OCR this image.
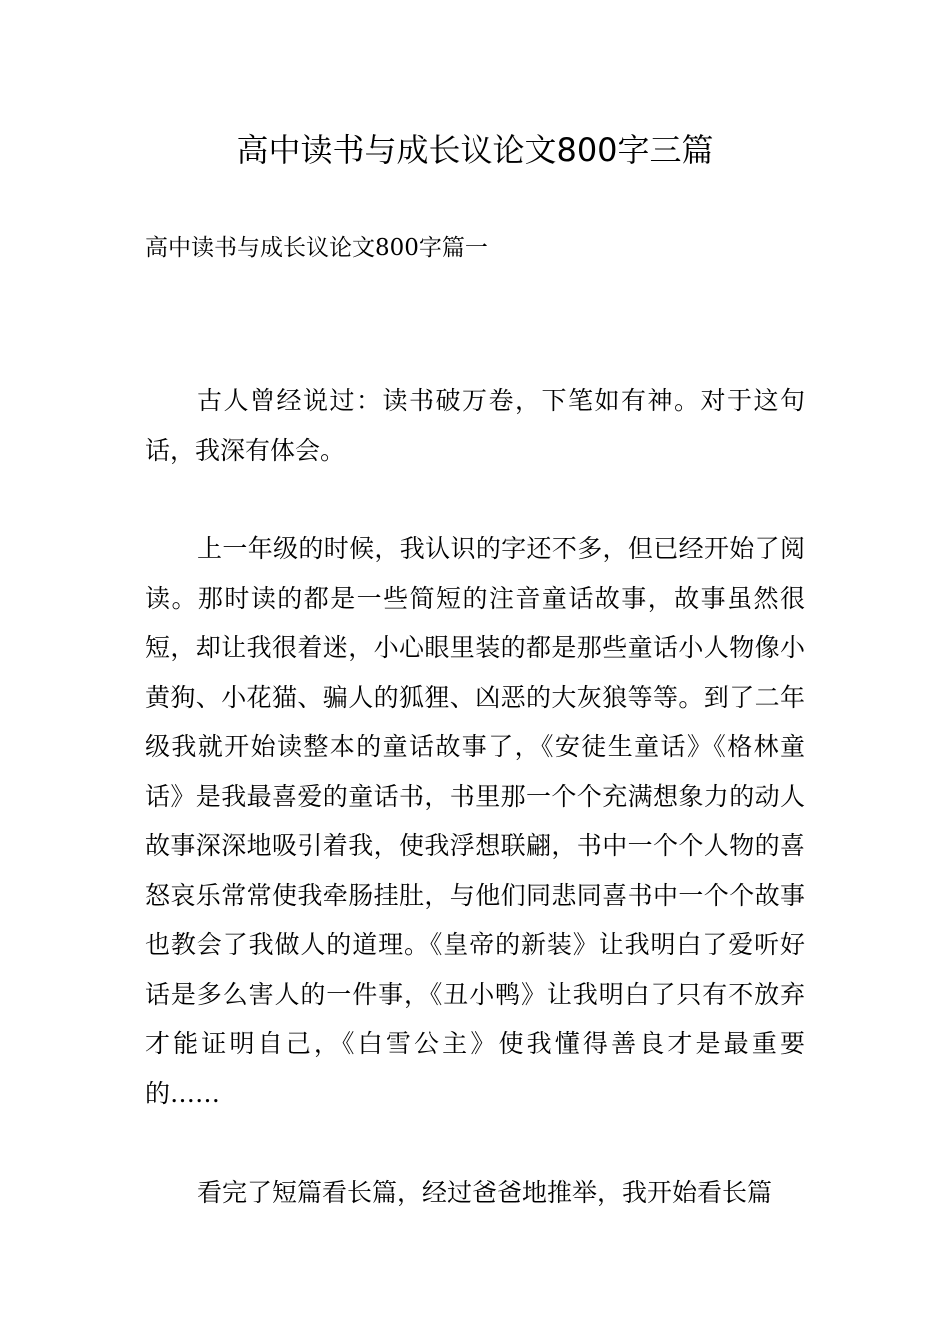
高中读书与成长议论文800字三篇
高中读书与成长议论文800字篇一

古人曾经说过：读书破万卷，下笔如有神。对于这句话，我深有体会。

上一年级的时候，我认识的字还不多，但已经开始了阅读。那时读的都是一些简短的注音童话故事，故事虽然很短，却让我很着迷，小心眼里装的都是那些童话小人物像小黄狗、小花猫、骗人的狐狸、凶恶的大灰狼等等。到了二年级我就开始读整本的童话故事了，《安徒生童话》《格林童话》是我最喜爱的童话书，书里那一个个充满想象力的动人故事深深地吸引着我，使我浮想联翩，书中一个个人物的喜怒哀乐常常使我牵肠挂肚，与他们同悲同喜书中一个个故事也教会了我做人的道理。《皇帝的新装》让我明白了爱听好话是多么害人的一件事，《丑小鸭》让我明白了只有不放弃才能证明自己，《白雪公主》使我懂得善良才是最重要的……

看完了短篇看长篇，经过爸爸地推举，我开始看长篇
